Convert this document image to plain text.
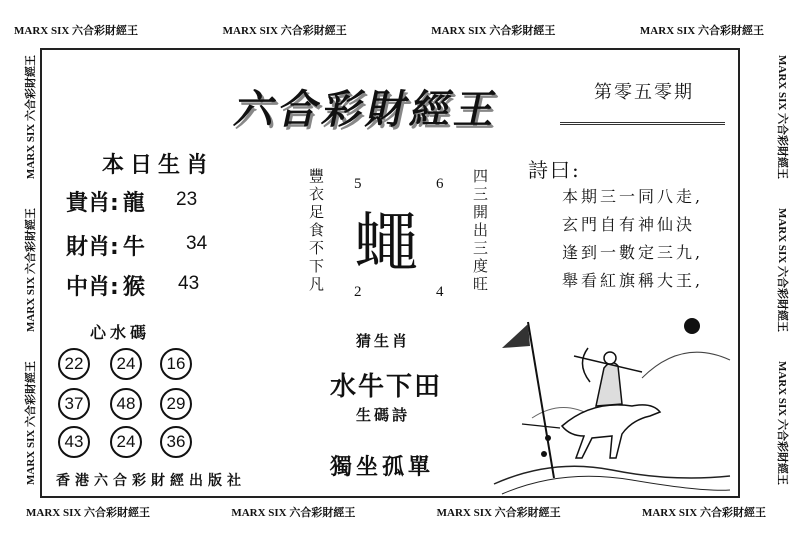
MARX SIX 六合彩財經王	MARX SIX 六合彩財經王	MARX SIX 六合彩財經王	MARX SIX 六合彩財經王
MARX SIX 六合彩財經王	MARX SIX 六合彩財經王	MARX SIX 六合彩財經王	MARX SIX 六合彩財經王
MARX SIX 六合彩財經王
MARX SIX 六合彩財經王
MARX SIX 六合彩財經王	MARX SIX 六合彩財經王
MARX SIX 六合彩財經王
MARX SIX 六合彩財經王
六合彩財經王	第零五零期
本日生肖
貴肖: 龍 23
財肖: 牛 34
中肖: 猴 43
心水碼
22	24	16
37	48	29
43	24	36
香港六合彩財經出版社
豐衣足食不下凡	四三開出三度旺
5	6
2	4
蠅
猜生肖
水牛下田
生碼詩
獨坐孤單
詩曰:
本期三一同八走,
玄門自有神仙決
逢到一數定三九,
舉看紅旗稱大王,
